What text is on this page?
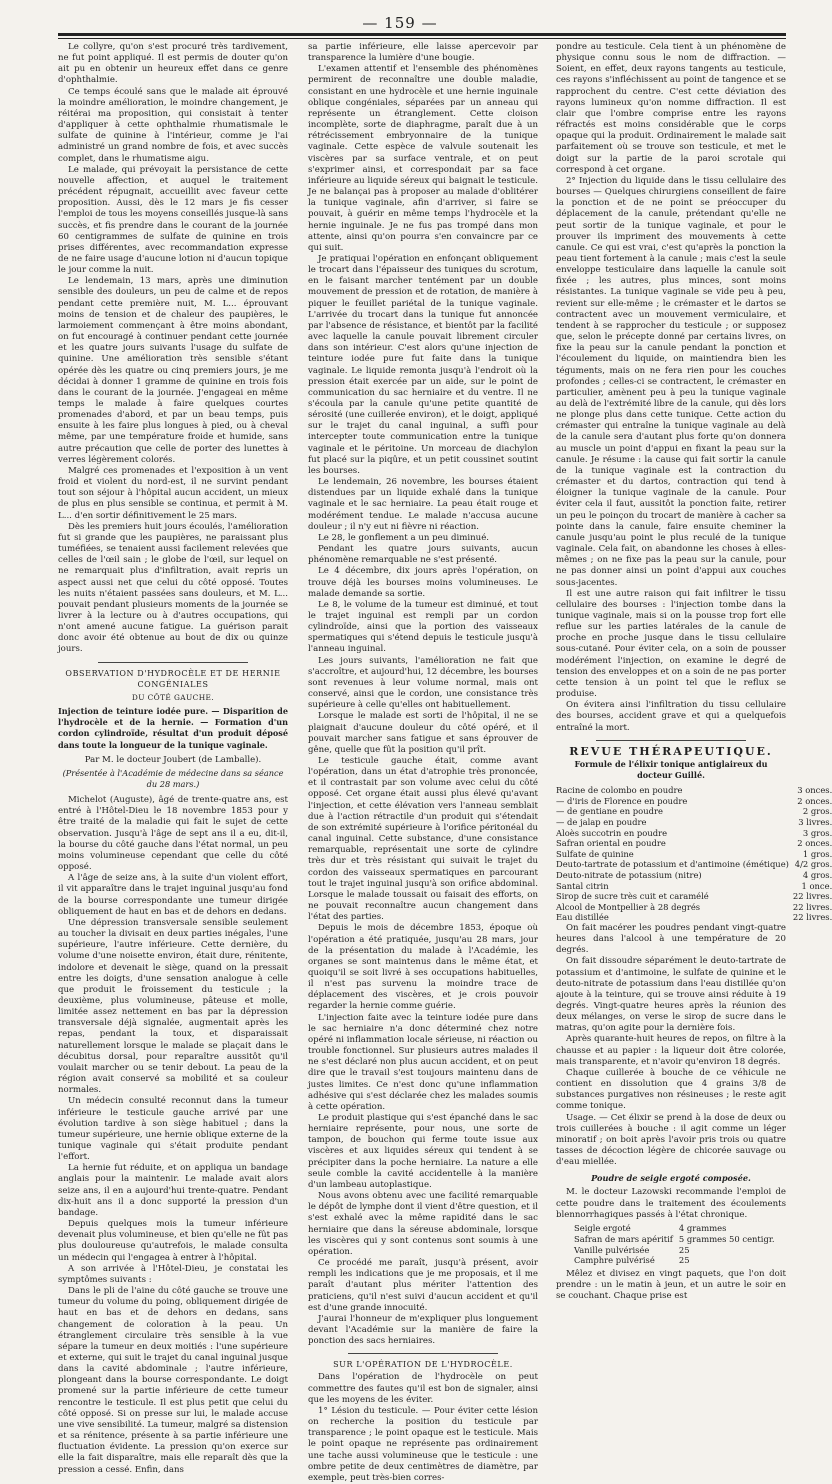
— 159 —

Le collyre, qu'on s'est procuré très tardivement, ne fut point appliqué. Il est permis de douter qu'on ait pu en obtenir un heureux effet dans ce genre d'ophthalmie.

Ce temps écoulé sans que le malade ait éprouvé la moindre amélioration, le moindre changement, je réitérai ma proposition, qui consistait à tenter d'appliquer à cette ophthalmie rhumatismale le sulfate de quinine à l'intérieur, comme je l'ai administré un grand nombre de fois, et avec succès complet, dans le rhumatisme aigu.

Le malade, qui prévoyait la persistance de cette nouvelle affection, et auquel le traitement précédent répugnait, accueillit avec faveur cette proposition. Aussi, dès le 12 mars je fis cesser l'emploi de tous les moyens conseillés jusque-là sans succès, et fis prendre dans le courant de la journée 60 centigrammes de sulfate de quinine en trois prises différentes, avec recommandation expresse de ne faire usage d'aucune lotion ni d'aucun topique le jour comme la nuit.

Le lendemain, 13 mars, après une diminution sensible des douleurs, un peu de calme et de repos pendant cette première nuit, M. L... éprouvant moins de tension et de chaleur des paupières, le larmoiement commençant à être moins abondant, on fut encouragé à continuer pendant cette journée et les quatre jours suivants l'usage du sulfate de quinine. Une amélioration très sensible s'étant opérée dès les quatre ou cinq premiers jours, je me décidai à donner 1 gramme de quinine en trois fois dans le courant de la journée. J'engageai en même temps le malade à faire quelques courtes promenades d'abord, et par un beau temps, puis ensuite à les faire plus longues à pied, ou à cheval même, par une température froide et humide, sans autre précaution que celle de porter des lunettes à verres légèrement colorés.

Malgré ces promenades et l'exposition à un vent froid et violent du nord-est, il ne survint pendant tout son séjour à l'hôpital aucun accident, un mieux de plus en plus sensible se continua, et permit à M. L... d'en sortir définitivement le 25 mars.

Dès les premiers huit jours écoulés, l'amélioration fut si grande que les paupières, ne paraissant plus tuméfiées, se tenaient aussi facilement relevées que celles de l'œil sain ; le globe de l'œil, sur lequel on ne remarquait plus d'infiltration, avait repris un aspect aussi net que celui du côté opposé. Toutes les nuits n'étaient passées sans douleurs, et M. L... pouvait pendant plusieurs moments de la journée se livrer à la lecture ou à d'autres occupations, qui n'ont amené aucune fatigue. La guérison parait donc avoir été obtenue au bout de dix ou quinze jours.

OBSERVATION D'HYDROCÈLE ET DE HERNIE CONGÉNIALES
DU CÔTÉ GAUCHE.
Injection de teinture iodée pure. — Disparition de l'hydrocèle et de la hernie. — Formation d'un cordon cylindroïde, résultat d'un produit déposé dans toute la longueur de la tunique vaginale.
Par M. le docteur Joubert (de Lamballe).
(Présentée à l'Académie de médecine dans sa séance du 28 mars.)

Michelot (Auguste), âgé de trente-quatre ans, est entré à l'Hôtel-Dieu le 18 novembre 1853 pour y être traité de la maladie qui fait le sujet de cette observation. Jusqu'à l'âge de sept ans il a eu, dit-il, la bourse du côté gauche dans l'état normal, un peu moins volumineuse cependant que celle du côté opposé.

A l'âge de seize ans, à la suite d'un violent effort, il vit apparaître dans le trajet inguinal jusqu'au fond de la bourse correspondante une tumeur dirigée obliquement de haut en bas et de dehors en dedans.

Une dépression transversale sensible seulement au toucher la divisait en deux parties inégales, l'une supérieure, l'autre inférieure. Cette dernière, du volume d'une noisette environ, était dure, rénitente, indolore et devenait le siège, quand on la pressait entre les doigts, d'une sensation analogue à celle que produit le froissement du testicule ; la deuxième, plus volumineuse, pâteuse et molle, limitée assez nettement en bas par la dépression transversale déjà signalée, augmentait après les repas, pendant la toux, et disparaissait naturellement lorsque le malade se plaçait dans le décubitus dorsal, pour reparaître aussitôt qu'il voulait marcher ou se tenir debout. La peau de la région avait conservé sa mobilité et sa couleur normales.

Un médecin consulté reconnut dans la tumeur inférieure le testicule gauche arrivé par une évolution tardive à son siège habituel ; dans la tumeur supérieure, une hernie oblique externe de la tunique vaginale qui s'était produite pendant l'effort.

La hernie fut réduite, et on appliqua un bandage anglais pour la maintenir. Le malade avait alors seize ans, il en a aujourd'hui trente-quatre. Pendant dix-huit ans il a donc supporté la pression d'un bandage.

Depuis quelques mois la tumeur inférieure devenait plus volumineuse, et bien qu'elle ne fût pas plus douloureuse qu'autrefois, le malade consulta un médecin qui l'engagea à entrer à l'hôpital.

A son arrivée à l'Hôtel-Dieu, je constatai les symptômes suivants :

Dans le pli de l'aine du côté gauche se trouve une tumeur du volume du poing, obliquement dirigée de haut en bas et de dehors en dedans, sans changement de coloration à la peau. Un étranglement circulaire très sensible à la vue sépare la tumeur en deux moitiés : l'une supérieure et externe, qui suit le trajet du canal inguinal jusque dans la cavité abdominale ; l'autre inférieure, plongeant dans la bourse correspondante. Le doigt promené sur la partie inférieure de cette tumeur rencontre le testicule. Il est plus petit que celui du côté opposé. Si on presse sur lui, le malade accuse une vive sensibilité. La tumeur, malgré sa distension et sa rénitence, présente à sa partie inférieure une fluctuation évidente. La pression qu'on exerce sur elle la fait disparaître, mais elle reparaît dès que la pression a cessé. Enfin, dans

sa partie inférieure, elle laisse apercevoir par transparence la lumière d'une bougie.

L'examen attentif et l'ensemble des phénomènes permirent de reconnaître une double maladie, consistant en une hydrocèle et une hernie inguinale oblique congéniales, séparées par un anneau qui représente un étranglement. Cette cloison incomplète, sorte de diaphragme, paraît due à un rétrécissement embryonnaire de la tunique vaginale. Cette espèce de valvule soutenait les viscères par sa surface ventrale, et on peut s'exprimer ainsi, et correspondait par sa face inférieure au liquide séreux qui baignait le testicule. Je ne balançai pas à proposer au malade d'oblitérer la tunique vaginale, afin d'arriver, si faire se pouvait, à guérir en même temps l'hydrocèle et la hernie inguinale. Je ne fus pas trompé dans mon attente, ainsi qu'on pourra s'en convaincre par ce qui suit.

Je pratiquai l'opération en enfonçant obliquement le trocart dans l'épaisseur des tuniques du scrotum, en le faisant marcher tentément par un double mouvement de pression et de rotation, de manière à piquer le feuillet pariétal de la tunique vaginale. L'arrivée du trocart dans la tunique fut annoncée par l'absence de résistance, et bientôt par la facilité avec laquelle la canule pouvait librement circuler dans son intérieur. C'est alors qu'une injection de teinture iodée pure fut faite dans la tunique vaginale. Le liquide remonta jusqu'à l'endroit où la pression était exercée par un aide, sur le point de communication du sac herniaire et du ventre. Il ne s'écoula par la canule qu'une petite quantité de sérosité (une cuillerée environ), et le doigt, appliqué sur le trajet du canal inguinal, a suffi pour intercepter toute communication entre la tunique vaginale et le péritoine. Un morceau de diachylon fut placé sur la piqûre, et un petit coussinet soutint les bourses.

Le lendemain, 26 novembre, les bourses étaient distendues par un liquide exhalé dans la tunique vaginale et le sac herniaire. La peau était rouge et modérément tendue. Le malade n'accusa aucune douleur ; il n'y eut ni fièvre ni réaction.

Le 28, le gonflement a un peu diminué.

Pendant les quatre jours suivants, aucun phénomène remarquable ne s'est présenté.

Le 4 décembre, dix jours après l'opération, on trouve déjà les bourses moins volumineuses. Le malade demande sa sortie.

Le 8, le volume de la tumeur est diminué, et tout le trajet inguinal est rempli par un cordon cylindroïde, ainsi que la portion des vaisseaux spermatiques qui s'étend depuis le testicule jusqu'à l'anneau inguinal.

Les jours suivants, l'amélioration ne fait que s'accroître, et aujourd'hui, 12 décembre, les bourses sont revenues à leur volume normal, mais ont conservé, ainsi que le cordon, une consistance très supérieure à celle qu'elles ont habituellement.

Lorsque le malade est sorti de l'hôpital, il ne se plaignait d'aucune douleur du côté opéré, et il pouvait marcher sans fatigue et sans éprouver de gêne, quelle que fût la position qu'il prît.

Le testicule gauche était, comme avant l'opération, dans un état d'atrophie très prononcée, et il contrastait par son volume avec celui du côté opposé. Cet organe était aussi plus élevé qu'avant l'injection, et cette élévation vers l'anneau semblait due à l'action rétractile d'un produit qui s'étendait de son extrémité supérieure à l'orifice péritonéal du canal inguinal. Cette substance, d'une consistance remarquable, représentait une sorte de cylindre très dur et très résistant qui suivait le trajet du cordon des vaisseaux spermatiques en parcourant tout le trajet inguinal jusqu'à son orifice abdominal. Lorsque le malade toussait ou faisait des efforts, on ne pouvait reconnaître aucun changement dans l'état des parties.

Depuis le mois de décembre 1853, époque où l'opération a été pratiquée, jusqu'au 28 mars, jour de la présentation du malade à l'Académie, les organes se sont maintenus dans le même état, et quoiqu'il se soit livré à ses occupations habituelles, il n'est pas survenu la moindre trace de déplacement des viscères, et je crois pouvoir regarder la hernie comme guérie.

L'injection faite avec la teinture iodée pure dans le sac herniaire n'a donc déterminé chez notre opéré ni inflammation locale sérieuse, ni réaction ou trouble fonctionnel. Sur plusieurs autres malades il ne s'est déclaré non plus aucun accident, et on peut dire que le travail s'est toujours maintenu dans de justes limites. Ce n'est donc qu'une inflammation adhésive qui s'est déclarée chez les malades soumis à cette opération.

Le produit plastique qui s'est épanché dans le sac herniaire représente, pour nous, une sorte de tampon, de bouchon qui ferme toute issue aux viscères et aux liquides séreux qui tendent à se précipiter dans la poche herniaire. La nature a elle seule comble la cavité accidentelle à la manière d'un lambeau autoplastique.

Nous avons obtenu avec une facilité remarquable le dépôt de lymphe dont il vient d'être question, et il s'est exhalé avec la même rapidité dans le sac herniaire que dans la séreuse abdominale, lorsque les viscères qui y sont contenus sont soumis à une opération.

Ce procédé me paraît, jusqu'à présent, avoir rempli les indications que je me proposais, et il me paraît d'autant plus mériter l'attention des praticiens, qu'il n'est suivi d'aucun accident et qu'il est d'une grande innocuité.

J'aurai l'honneur de m'expliquer plus longuement devant l'Académie sur la manière de faire la ponction des sacs herniaires.

SUR L'OPÉRATION DE L'HYDROCÈLE.

Dans l'opération de l'hydrocèle on peut commettre des fautes qu'il est bon de signaler, ainsi que les moyens de les éviter.

1° Lésion du testicule. — Pour éviter cette lésion on recherche la position du testicule par transparence ; le point opaque est le testicule. Mais le point opaque ne représente pas ordinairement une tache aussi volumineuse que le testicule : une ombre petite de deux centimètres de diamètre, par exemple, peut très-bien corres-

pondre au testicule. Cela tient à un phénomène de physique connu sous le nom de diffraction. — Soient, en effet, deux rayons tangents au testicule, ces rayons s'infléchissent au point de tangence et se rapprochent du centre. C'est cette déviation des rayons lumineux qu'on nomme diffraction. Il est clair que l'ombre comprise entre les rayons réfractés est moins considérable que le corps opaque qui la produit. Ordinairement le malade sait parfaitement où se trouve son testicule, et met le doigt sur la partie de la paroi scrotale qui correspond à cet organe.

2° Injection du liquide dans le tissu cellulaire des bourses — Quelques chirurgiens conseillent de faire la ponction et de ne point se préoccuper du déplacement de la canule, prétendant qu'elle ne peut sortir de la tunique vaginale, et pour le prouver ils impriment des mouvements à cette canule. Ce qui est vrai, c'est qu'après la ponction la peau tient fortement à la canule ; mais c'est la seule enveloppe testiculaire dans laquelle la canule soit fixée ; les autres, plus minces, sont moins résistantes. La tunique vaginale se vide peu à peu, revient sur elle-même ; le crémaster et le dartos se contractent avec un mouvement vermiculaire, et tendent à se rapprocher du testicule ; or supposez que, selon le précepte donné par certains livres, on fixe la peau sur la canule pendant la ponction et l'écoulement du liquide, on maintiendra bien les téguments, mais on ne fera rien pour les couches profondes ; celles-ci se contractent, le crémaster en particulier, amènent peu à peu la tunique vaginale au delà de l'extrémité libre de la canule, qui dès lors ne plonge plus dans cette tunique. Cette action du crémaster qui entraîne la tunique vaginale au delà de la canule sera d'autant plus forte qu'on donnera au muscle un point d'appui en fixant la peau sur la canule. Je résume : la cause qui fait sortir la canule de la tunique vaginale est la contraction du crémaster et du dartos, contraction qui tend à éloigner la tunique vaginale de la canule. Pour éviter cela il faut, aussitôt la ponction faite, retirer un peu le poinçon du trocart de manière à cacher sa pointe dans la canule, faire ensuite cheminer la canule jusqu'au point le plus reculé de la tunique vaginale. Cela fait, on abandonne les choses à elles-mêmes ; on ne fixe pas la peau sur la canule, pour ne pas donner ainsi un point d'appui aux couches sous-jacentes.

Il est une autre raison qui fait infiltrer le tissu cellulaire des bourses : l'injection tombe dans la tunique vaginale, mais si on la pousse trop fort elle reflue sur les parties latérales de la canule de proche en proche jusque dans le tissu cellulaire sous-cutané. Pour éviter cela, on a soin de pousser modérément l'injection, on examine le degré de tension des enveloppes et on a soin de ne pas porter cette tension à un point tel que le reflux se produise.

On évitera ainsi l'infiltration du tissu cellulaire des bourses, accident grave et qui a quelquefois entraîné la mort.

REVUE THÉRAPEUTIQUE.
Formule de l'élixir tonique antiglaireux du docteur Guillé.
Racine de colombo en poudre	3 onces.
— d'iris de Florence en poudre	2 onces.
— de gentiane en poudre	2 gros.
— de jalap en poudre	3 livres.
Aloès succotrin en poudre	3 gros.
Safran oriental en poudre	2 onces.
Sulfate de quinine	1 gros.
Deuto-tartrate de potassium et d'antimoine (émétique)	4/2 gros.
Deuto-nitrate de potassium (nitre)	4 gros.
Santal citrin	1 once.
Sirop de sucre très cuit et caramélé	22 livres.
Alcool de Montpellier à 28 degrés	22 livres.
Eau distillée	22 livres.

On fait macérer les poudres pendant vingt-quatre heures dans l'alcool à une température de 20 degrés.

On fait dissoudre séparément le deuto-tartrate de potassium et d'antimoine, le sulfate de quinine et le deuto-nitrate de potassium dans l'eau distillée qu'on ajoute à la teinture, qui se trouve ainsi réduite à 19 degrés. Vingt-quatre heures après la réunion des deux mélanges, on verse le sirop de sucre dans le matras, qu'on agite pour la dernière fois.

Après quarante-huit heures de repos, on filtre à la chausse et au papier : la liqueur doit être colorée, mais transparente, et n'avoir qu'environ 18 degrés.

Chaque cuillerée à bouche de ce véhicule ne contient en dissolution que 4 grains 3/8 de substances purgatives non résineuses ; le reste agit comme tonique.

Usage. — Cet élixir se prend à la dose de deux ou trois cuillerées à bouche : il agit comme un léger minoratif ; on boit après l'avoir pris trois ou quatre tasses de décoction légère de chicorée sauvage ou d'eau miellée.

Poudre de seigle ergoté composée.

M. le docteur Lazowski recommande l'emploi de cette poudre dans le traitement des écoulements blennorrhagiques passés à l'état chronique.

Seigle ergoté	4 grammes
Safran de mars apéritif	5 grammes 50 centigr.
Vanille pulvérisée	25
Camphre pulvérisé	25

Mêlez et divisez en vingt paquets, que l'on doit prendre : un le matin à jeun, et un autre le soir en se couchant. Chaque prise est
